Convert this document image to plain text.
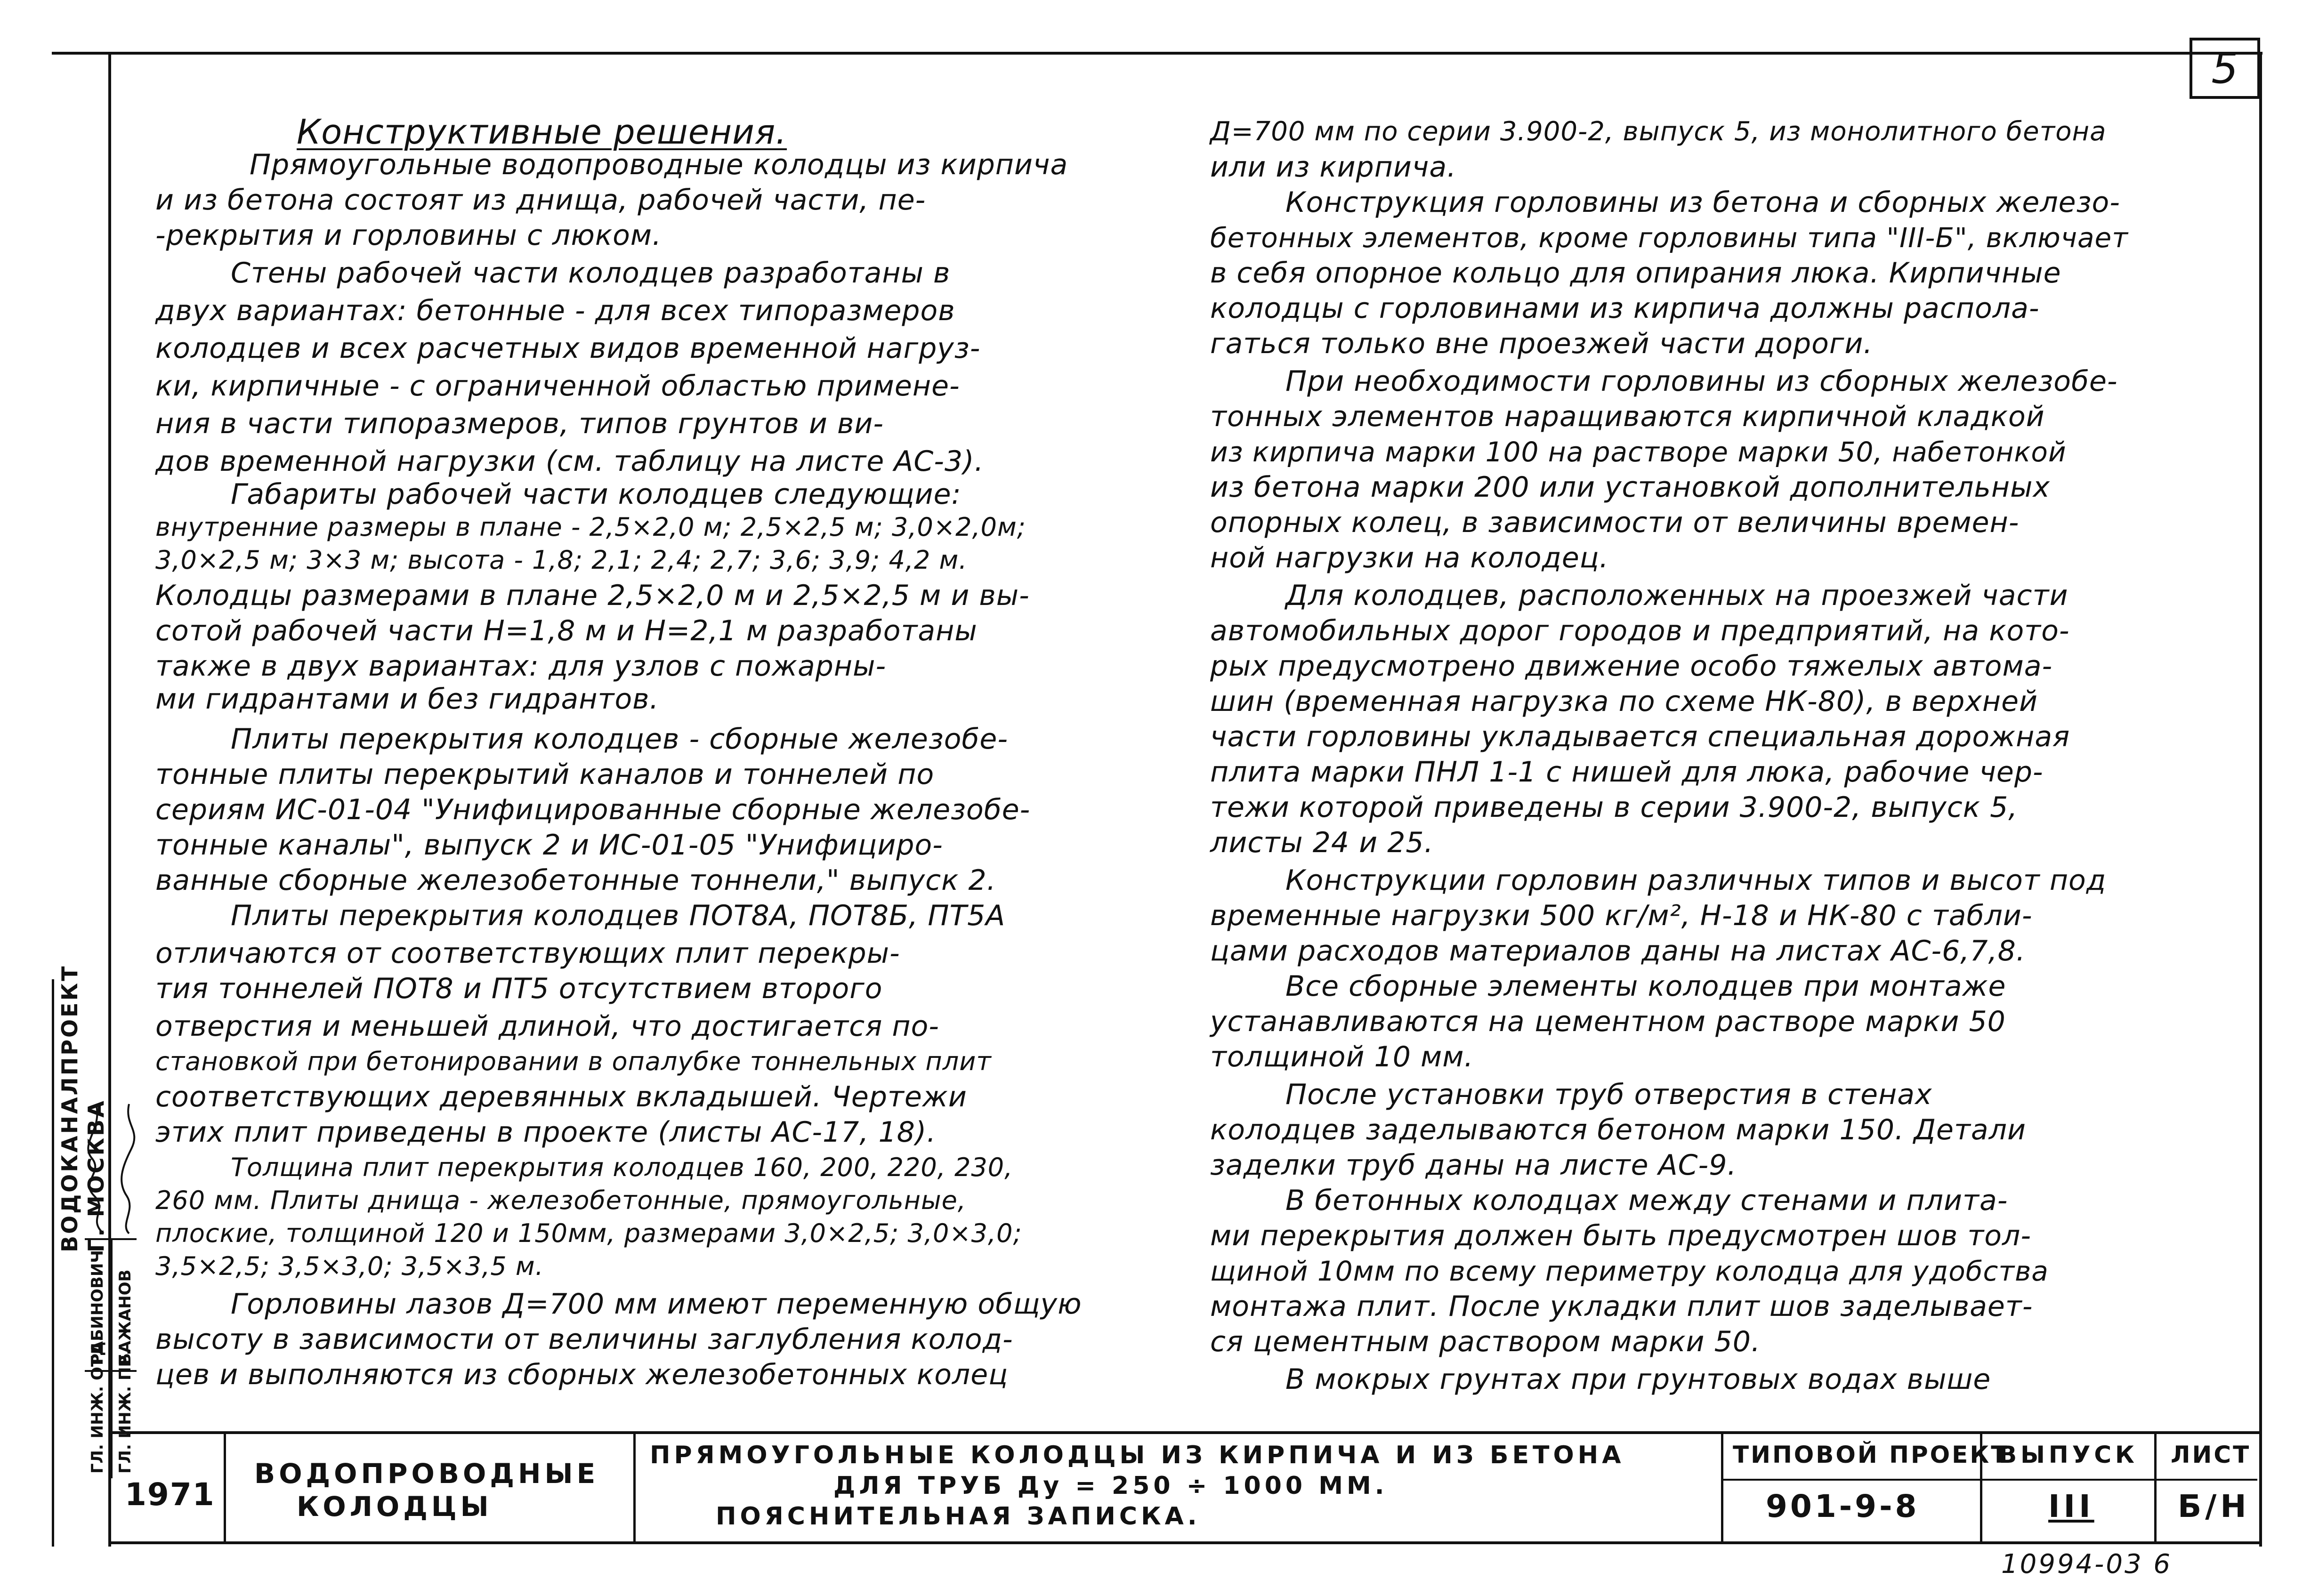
5
Конструктивные решения.
Прямоугольные водопроводные колодцы из кирпича
и из бетона состоят из днища, рабочей части, пе-
-рекрытия и горловины с люком.
Стены рабочей части колодцев разработаны в
двух вариантах: бетонные - для всех типоразмеров
колодцев и всех расчетных видов временной нагруз-
ки, кирпичные - с ограниченной областью примене-
ния в части типоразмеров, типов грунтов и ви-
дов временной нагрузки (см. таблицу на листе АС-3).
Габариты рабочей части колодцев следующие:
внутренние размеры в плане - 2,5×2,0 м; 2,5×2,5 м; 3,0×2,0м;
3,0×2,5 м; 3×3 м; высота - 1,8; 2,1; 2,4; 2,7; 3,6; 3,9; 4,2 м.
Колодцы размерами в плане 2,5×2,0 м и 2,5×2,5 м и вы-
сотой рабочей части Н=1,8 м и Н=2,1 м разработаны
также в двух вариантах: для узлов с пожарны-
ми гидрантами и без гидрантов.
Плиты перекрытия колодцев - сборные железобе-
тонные плиты перекрытий каналов и тоннелей по
сериям ИС-01-04 "Унифицированные сборные железобе-
тонные каналы", выпуск 2 и ИС-01-05 "Унифициро-
ванные сборные железобетонные тоннели," выпуск 2.
Плиты перекрытия колодцев ПОТ8А, ПОТ8Б, ПТ5А
отличаются от соответствующих плит перекры-
тия тоннелей ПОТ8 и ПТ5 отсутствием второго
отверстия и меньшей длиной, что достигается по-
становкой при бетонировании в опалубке тоннельных плит
соответствующих деревянных вкладышей. Чертежи
этих плит приведены в проекте (листы АС-17, 18).
Толщина плит перекрытия колодцев 160, 200, 220, 230,
260 мм. Плиты днища - железобетонные, прямоугольные,
плоские, толщиной 120 и 150мм, размерами 3,0×2,5; 3,0×3,0;
3,5×2,5; 3,5×3,0; 3,5×3,5 м.
Горловины лазов Д=700 мм имеют переменную общую
высоту в зависимости от величины заглубления колод-
цев и выполняются из сборных железобетонных колец
Д=700 мм по серии 3.900-2, выпуск 5, из монолитного бетона
или из кирпича.
Конструкция горловины из бетона и сборных железо-
бетонных элементов, кроме горловины типа "III-Б", включает
в себя опорное кольцо для опирания люка. Кирпичные
колодцы с горловинами из кирпича должны распола-
гаться только вне проезжей части дороги.
При необходимости горловины из сборных железобе-
тонных элементов наращиваются кирпичной кладкой
из кирпича марки 100 на растворе марки 50, набетонкой
из бетона марки 200 или установкой дополнительных
опорных колец, в зависимости от величины времен-
ной нагрузки на колодец.
Для колодцев, расположенных на проезжей части
автомобильных дорог городов и предприятий, на кото-
рых предусмотрено движение особо тяжелых автома-
шин (временная нагрузка по схеме НК-80), в верхней
части горловины укладывается специальная дорожная
плита марки ПНЛ 1-1 с нишей для люка, рабочие чер-
тежи которой приведены в серии 3.900-2, выпуск 5,
листы 24 и 25.
Конструкции горловин различных типов и высот под
временные нагрузки 500 кг/м², Н-18 и НК-80 с табли-
цами расходов материалов даны на листах АС-6,7,8.
Все сборные элементы колодцев при монтаже
устанавливаются на цементном растворе марки 50
толщиной 10 мм.
После установки труб отверстия в стенах
колодцев заделываются бетоном марки 150. Детали
заделки труб даны на листе АС-9.
В бетонных колодцах между стенами и плита-
ми перекрытия должен быть предусмотрен шов тол-
щиной 10мм по всему периметру колодца для удобства
монтажа плит. После укладки плит шов заделывает-
ся цементным раствором марки 50.
В мокрых грунтах при грунтовых водах выше
ГЛ. ИНЖ. ОТД. ГЛ. ИНЖ. ПР.
РАБИНОВИЧ БАЖАНОВ
ВОДОКАНАЛПРОЕКТ Г. МОСКВА
1971
ВОДОПРОВОДНЫЕ
КОЛОДЦЫ
ПРЯМОУГОЛЬНЫЕ КОЛОДЦЫ ИЗ КИРПИЧА И ИЗ БЕТОНА
ДЛЯ ТРУБ Ду = 250 ÷ 1000 ММ.
ПОЯСНИТЕЛЬНАЯ ЗАПИСКА.
ТИПОВОЙ ПРОЕКТ
901-9-8
ВЫПУСК
III
ЛИСТ
Б/Н
10994-03 6
